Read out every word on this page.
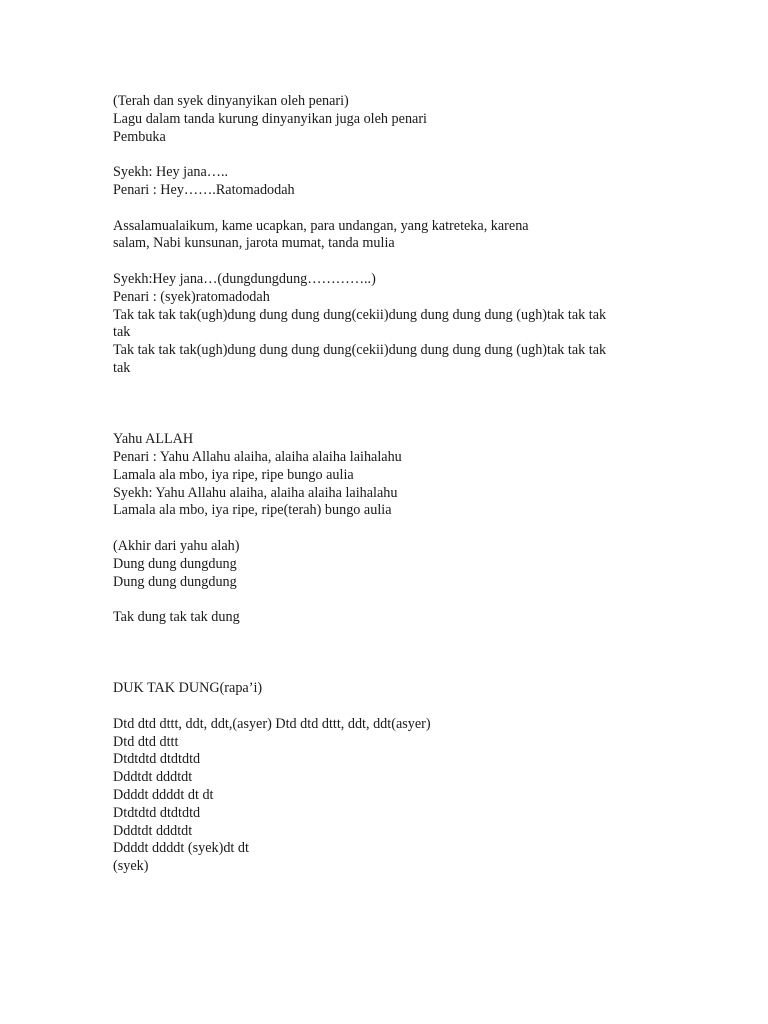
(Terah dan syek dinyanyikan oleh penari)
Lagu dalam tanda kurung dinyanyikan juga oleh penari
Pembuka
Syekh: Hey jana…..
Penari : Hey…….Ratomadodah
Assalamualaikum, kame ucapkan, para undangan, yang katreteka, karena
salam, Nabi kunsunan, jarota mumat, tanda mulia
Syekh:Hey jana…(dungdungdung…………..)
Penari : (syek)ratomadodah
Tak tak tak tak(ugh)dung dung dung dung(cekii)dung dung dung dung (ugh)tak tak tak
tak
Tak tak tak tak(ugh)dung dung dung dung(cekii)dung dung dung dung (ugh)tak tak tak
tak
Yahu ALLAH
Penari : Yahu Allahu alaiha, alaiha alaiha laihalahu
Lamala ala mbo, iya ripe, ripe bungo aulia
Syekh: Yahu Allahu alaiha, alaiha alaiha laihalahu
Lamala ala mbo, iya ripe, ripe(terah) bungo aulia
(Akhir dari yahu alah)
Dung dung dungdung
Dung dung dungdung
Tak dung tak tak dung
DUK TAK DUNG(rapa’i)
Dtd dtd dttt, ddt, ddt,(asyer) Dtd dtd dttt, ddt, ddt(asyer)
Dtd dtd dttt
Dtdtdtd dtdtdtd
Dddtdt dddtdt
Ddddt ddddt dt dt
Dtdtdtd dtdtdtd
Dddtdt dddtdt
Ddddt ddddt (syek)dt dt
(syek)
